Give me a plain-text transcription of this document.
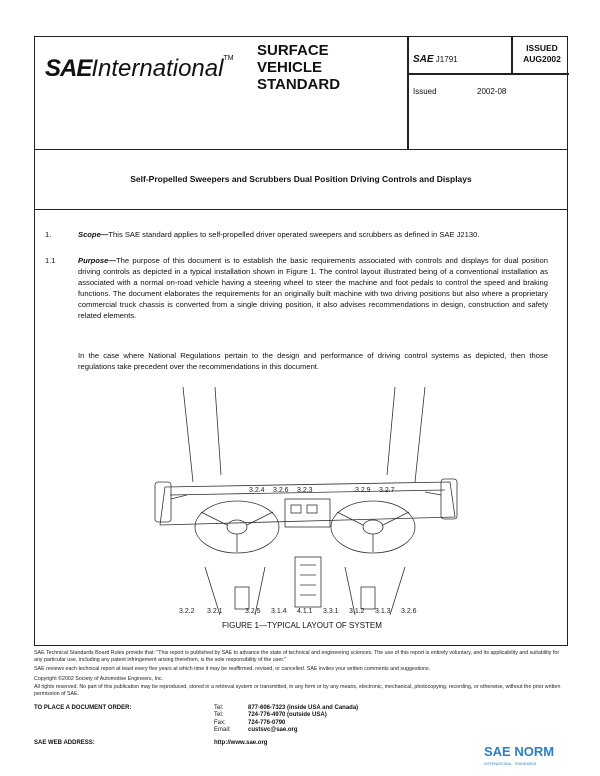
SAEInternational™ SURFACE
VEHICLE
STANDARD
SAE J1791
ISSUED
AUG2002
Issued	2002-08
Self-Propelled Sweepers and Scrubbers Dual Position Driving Controls and Displays
1.	Scope—This SAE standard applies to self-propelled driver operated sweepers and scrubbers as defined in SAE J2130.
1.1	Purpose—The purpose of this document is to establish the basic requirements associated with controls and displays for dual position driving controls as depicted in a typical installation shown in Figure 1. The control layout illustrated being of a conventional installation as associated with a normal on-road vehicle having a steering wheel to steer the machine and foot pedals to control the speed and braking functions. The document elaborates the requirements for an originally built machine with two driving positions but also where a proprietary commercial truck chassis is converted from a single driving position, it also advises recommendations in design, construction and safety related elements.
In the case where National Regulations pertain to the design and performance of driving control systems as depicted, then those regulations take precedent over the recommendations in this document.
3.2.4 3.2.6 3.2.3	3.2.9 3.2.7
3.2.2 3.2.1	3.2.5 3.1.4 4.1.1 3.3.1 3.1.2 3.1.3 3.2.6
FIGURE 1—TYPICAL LAYOUT OF SYSTEM
SAE Technical Standards Board Rules provide that: "This report is published by SAE to advance the state of technical and engineering sciences. The use of this report is entirely voluntary, and its applicability and suitability for any particular use, including any patent infringement arising therefrom, is the sole responsibility of the user."
SAE reviews each technical report at least every five years at which time it may be reaffirmed, revised, or cancelled. SAE invites your written comments and suggestions.
Copyright ©2002 Society of Automotive Engineers, Inc.
All rights reserved. No part of this publication may be reproduced, stored in a retrieval system or transmitted, in any form or by any means, electronic, mechanical, photocopying, recording, or otherwise, without the prior written permission of SAE.
TO PLACE A DOCUMENT ORDER:	Tel:	877-606-7323 (inside USA and Canada)
Tel:	724-776-4970 (outside USA)
Fax:	724-776-0790
Email:	custsvc@sae.org
SAE WEB ADDRESS:	http://www.sae.org
SAE NORM
INTERNATIONAL · STANDARDS
